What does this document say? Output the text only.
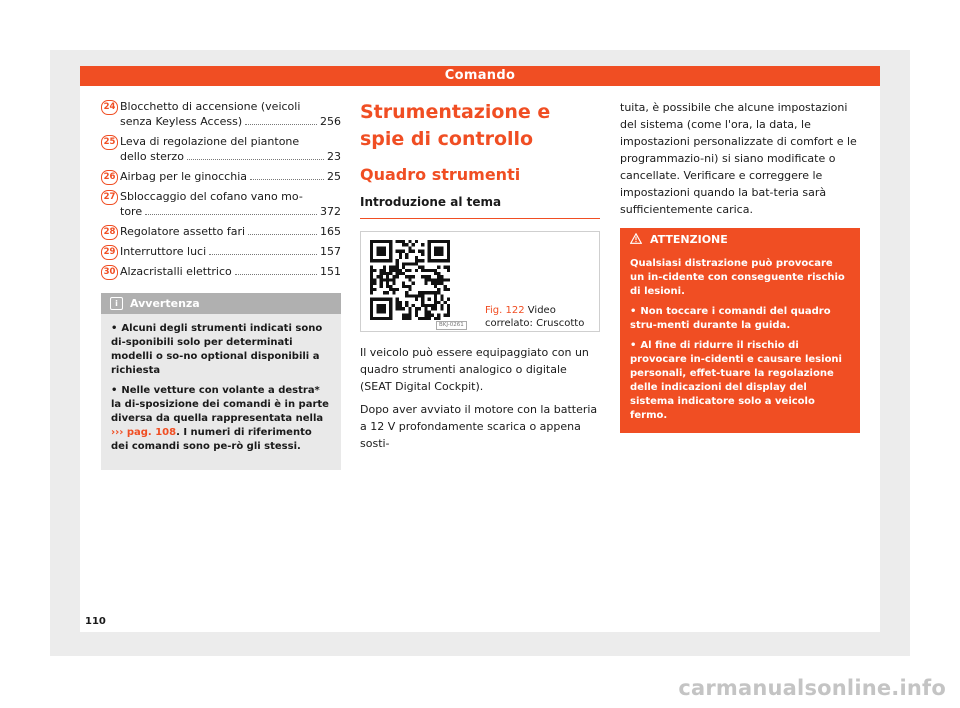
Comando
24 Blocchetto di accensione (veicoli
senza Keyless Access)	256
25 Leva di regolazione del piantone
dello sterzo	23
26 Airbag per le ginocchia	25
27 Sbloccaggio del cofano vano mo-
tore	372
28 Regolatore assetto fari	165
29 Interruttore luci	157
30 Alzacristalli elettrico	151
i Avvertenza
• Alcuni degli strumenti indicati sono di-sponibili solo per determinati modelli o so-no optional disponibili a richiesta
• Nelle vetture con volante a destra* la di-sposizione dei comandi è in parte diversa da quella rappresentata nella ››› pag. 108. I numeri di riferimento dei comandi sono pe-rò gli stessi.
Strumentazione e spie di controllo
Quadro strumenti
Introduzione al tema
BKJ-0261
Fig. 122 Video correlato: Cruscotto

Il veicolo può essere equipaggiato con un quadro strumenti analogico o digitale (SEAT Digital Cockpit).

Dopo aver avviato il motore con la batteria a 12 V profondamente scarica o appena sosti-

tuita, è possibile che alcune impostazioni del sistema (come l'ora, la data, le impostazioni personalizzate di comfort e le programmazio-ni) si siano modificate o cancellate. Verificare e correggere le impostazioni quando la bat-teria sarà sufficientemente carica.

ATTENZIONE
Qualsiasi distrazione può provocare un in-cidente con conseguente rischio di lesioni.
• Non toccare i comandi del quadro stru-menti durante la guida.
• Al fine di ridurre il rischio di provocare in-cidenti e causare lesioni personali, effet-tuare la regolazione delle indicazioni del display del sistema indicatore solo a veicolo fermo.
110
carmanualsonline.info
